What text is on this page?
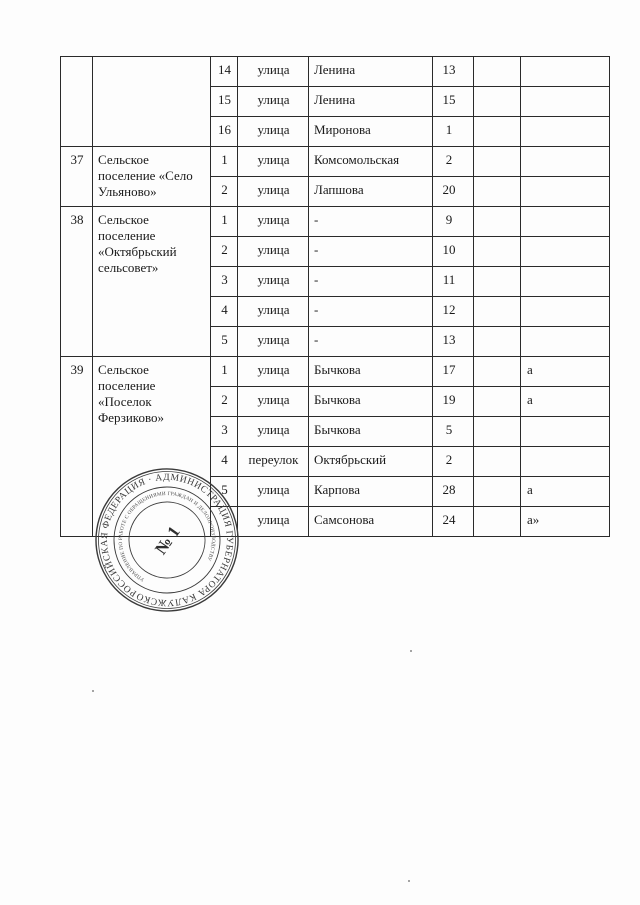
		14	улица	Ленина	13		
		15	улица	Ленина	15		
		16	улица	Миронова	1		
37	Сельское поселение «Село Ульяново»	1	улица	Комсомольская	2		
		2	улица	Лапшова	20		
38	Сельское поселение «Октябрьский сельсовет»	1	улица	-	9		
		2	улица	-	10		
		3	улица	-	11		
		4	улица	-	12		
		5	улица	-	13		
39	Сельское поселение «Поселок Ферзиково»	1	улица	Бычкова	17		а
		2	улица	Бычкова	19		а
		3	улица	Бычкова	5		
		4	переулок	Октябрьский	2		
		5	улица	Карпова	28		а
			улица	Самсонова	24		а»
РОССИЙСКАЯ ФЕДЕРАЦИЯ · АДМИНИСТРАЦИЯ ГУБЕРНАТОРА КАЛУЖСКОЙ
УПРАВЛЕНИЕ ПО РАБОТЕ С ОБРАЩЕНИЯМИ ГРАЖДАН И ДЕЛОПРОИЗВОДСТВУ
№ 1
